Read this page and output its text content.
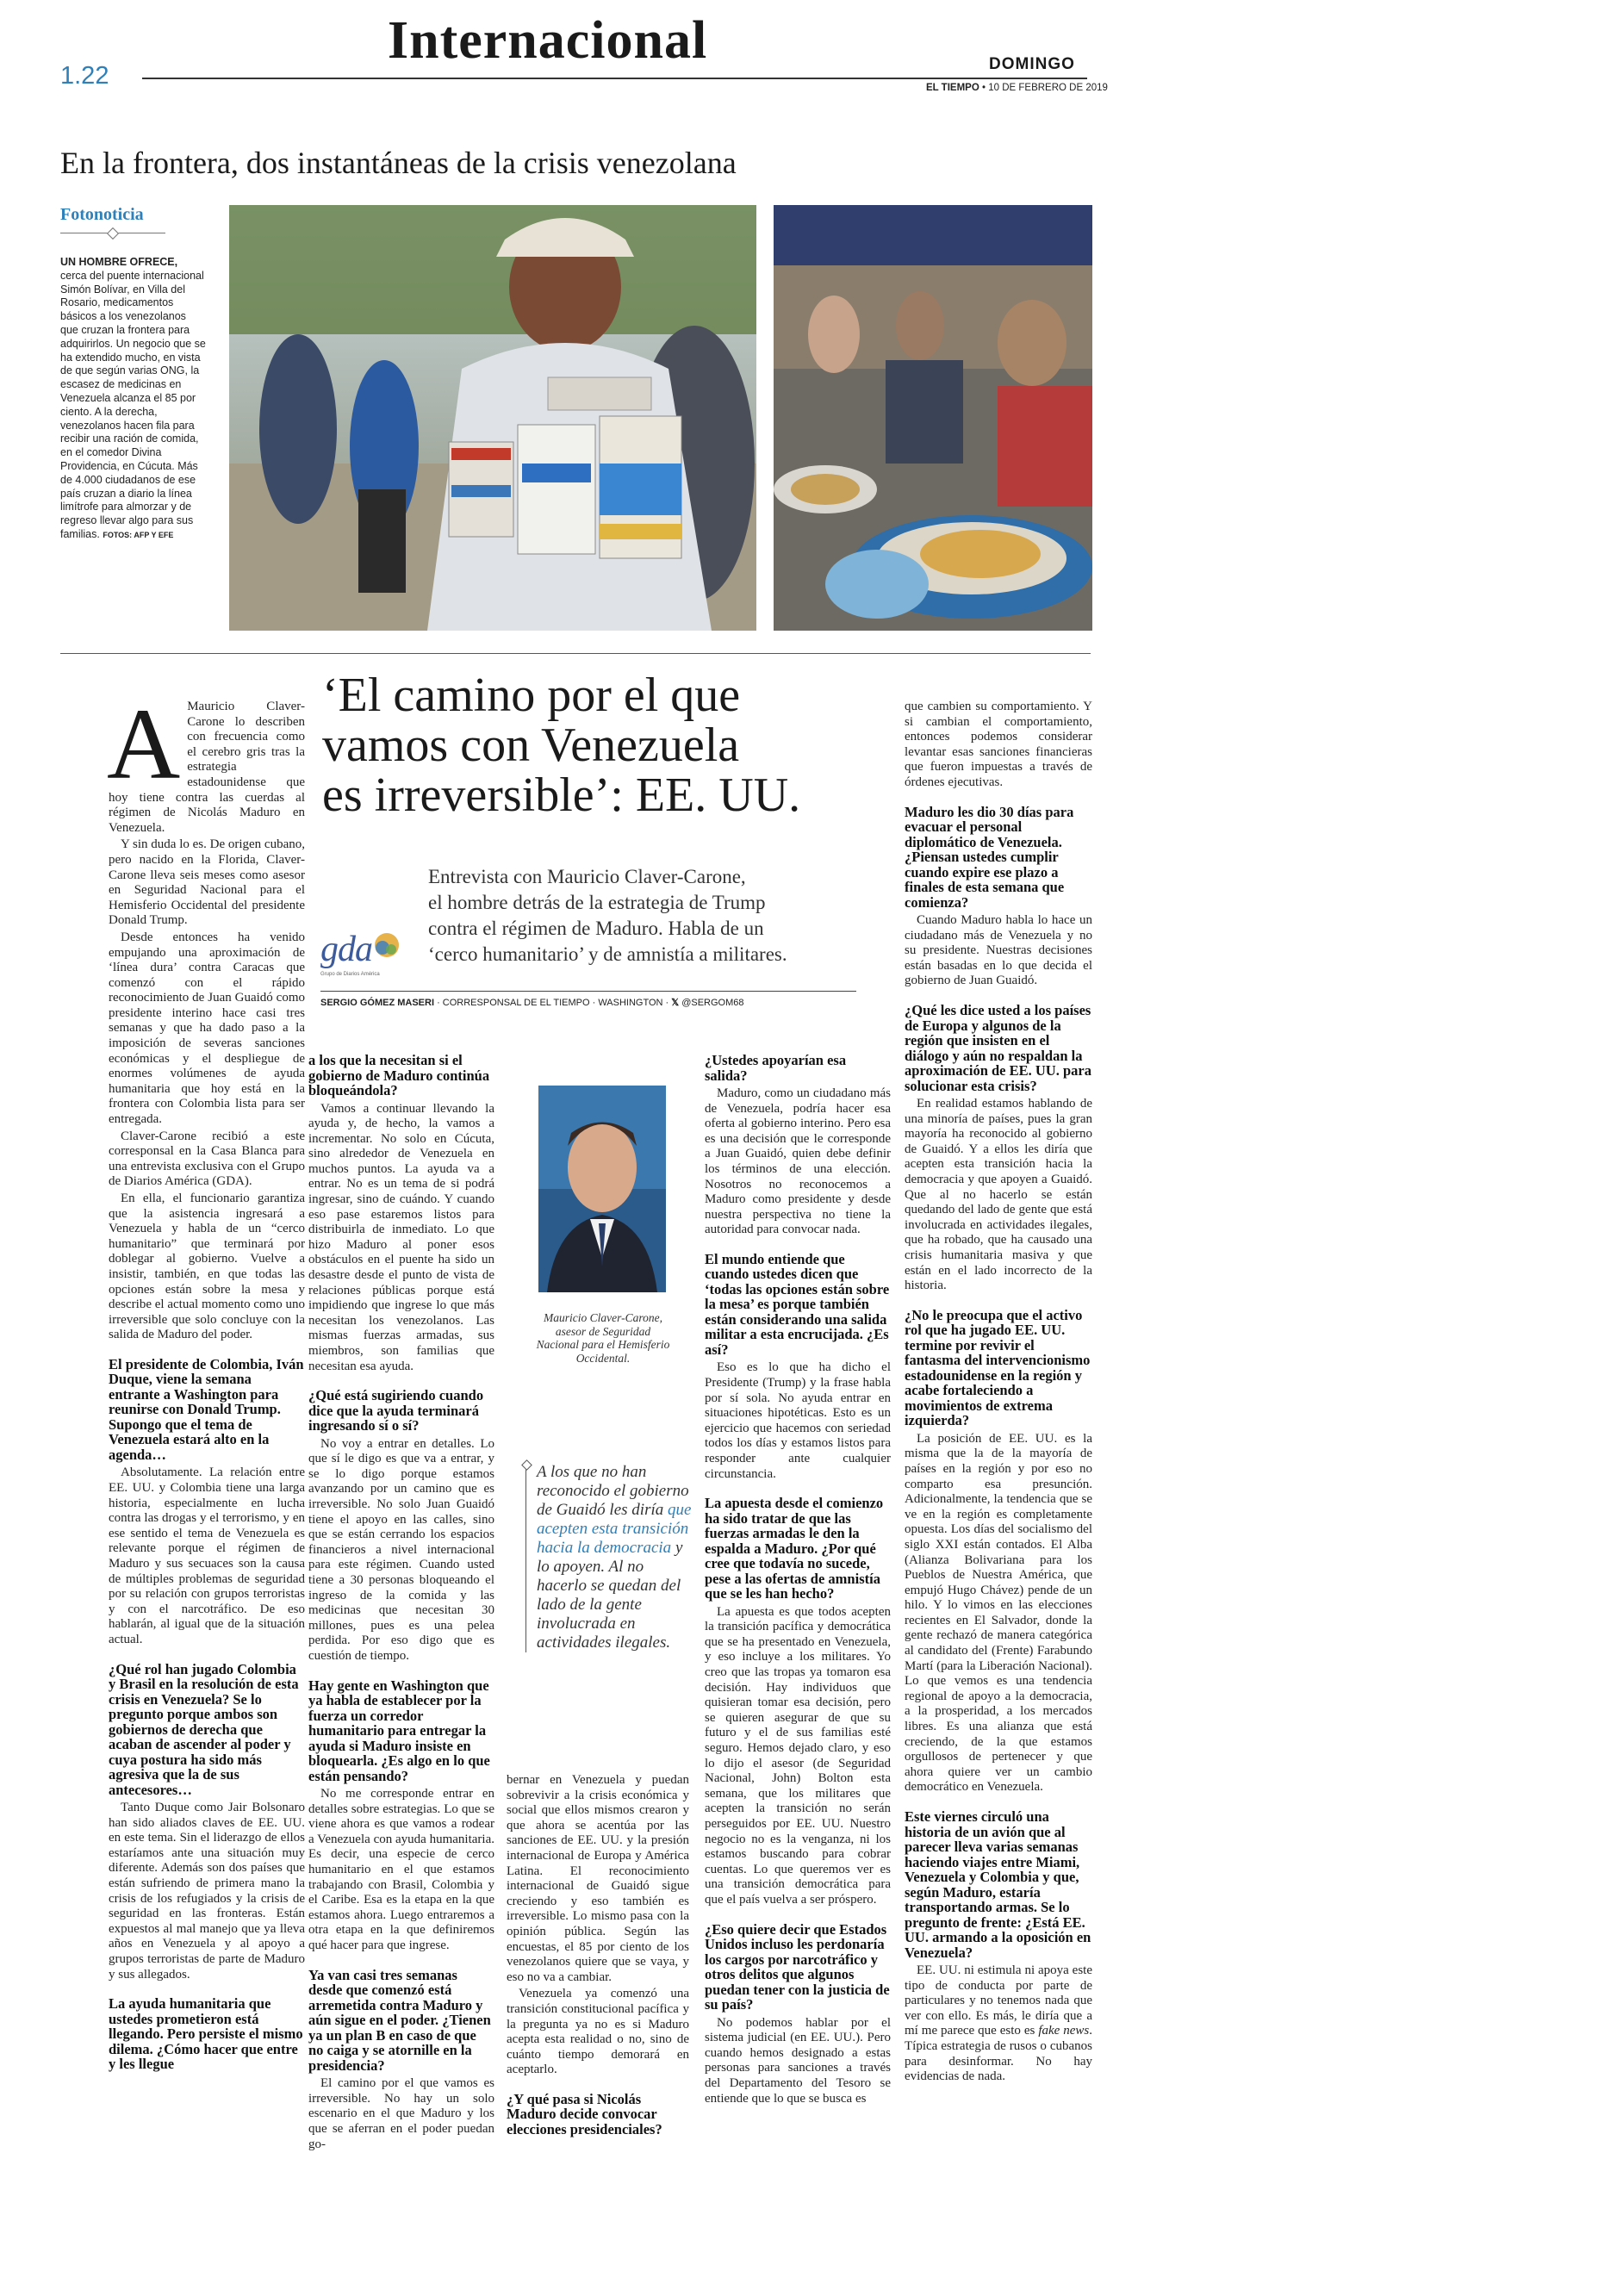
Internacional
1.22	DOMINGO
EL TIEMPO • 10 DE FEBRERO DE 2019
En la frontera, dos instantáneas de la crisis venezolana
Fotonoticia
UN HOMBRE OFRECE, cerca del puente internacional Simón Bolívar, en Villa del Rosario, medicamentos básicos a los venezolanos que cruzan la frontera para adquirirlos. Un negocio que se ha extendido mucho, en vista de que según varias ONG, la escasez de medicinas en Venezuela alcanza el 85 por ciento. A la derecha, venezolanos hacen fila para recibir una ración de comida, en el comedor Divina Providencia, en Cúcuta. Más de 4.000 ciudadanos de ese país cruzan a diario la línea limítrofe para almorzar y de regreso llevar algo para sus familias. FOTOS: AFP Y EFE
‘El camino por el que
vamos con Venezuela
es irreversible’: EE. UU.
Entrevista con Mauricio Claver-Carone,
el hombre detrás de la estrategia de Trump
contra el régimen de Maduro. Habla de un
‘cerco humanitario’ y de amnistía a militares.
gda
Grupo de Diarios América
SERGIO GÓMEZ MASERI · CORRESPONSAL DE EL TIEMPO · WASHINGTON · 𝕏 @SERGOM68
A Mauricio Claver-Carone lo describen con frecuencia como el cerebro gris tras la estrategia estadounidense que hoy tiene contra las cuerdas al régimen de Nicolás Maduro en Venezuela.

Y sin duda lo es. De origen cubano, pero nacido en la Florida, Claver-Carone lleva seis meses como asesor en Seguridad Nacional para el Hemisferio Occidental del presidente Donald Trump.

Desde entonces ha venido empujando una aproximación de ‘línea dura’ contra Caracas que comenzó con el rápido reconocimiento de Juan Guaidó como presidente interino hace casi tres semanas y que ha dado paso a la imposición de severas sanciones económicas y el despliegue de enormes volúmenes de ayuda humanitaria que hoy está en la frontera con Colombia lista para ser entregada.

Claver-Carone recibió a este corresponsal en la Casa Blanca para una entrevista exclusiva con el Grupo de Diarios América (GDA).

En ella, el funcionario garantiza que la asistencia ingresará a Venezuela y habla de un “cerco humanitario” que terminará por doblegar al gobierno. Vuelve a insistir, también, en que todas las opciones están sobre la mesa y describe el actual momento como uno irreversible que solo concluye con la salida de Maduro del poder.

El presidente de Colombia, Iván Duque, viene la semana entrante a Washington para reunirse con Donald Trump. Supongo que el tema de Venezuela estará alto en la agenda…

Absolutamente. La relación entre EE. UU. y Colombia tiene una larga historia, especialmente en lucha contra las drogas y el terrorismo, y en ese sentido el tema de Venezuela es relevante porque el régimen de Maduro y sus secuaces son la causa de múltiples problemas de seguridad por su relación con grupos terroristas y con el narcotráfico. De eso hablarán, al igual que de la situación actual.

¿Qué rol han jugado Colombia y Brasil en la resolución de esta crisis en Venezuela? Se lo pregunto porque ambos son gobiernos de derecha que acaban de ascender al poder y cuya postura ha sido más agresiva que la de sus antecesores…

Tanto Duque como Jair Bolsonaro han sido aliados claves de EE. UU. en este tema. Sin el liderazgo de ellos estaríamos ante una situación muy diferente. Además son dos países que están sufriendo de primera mano la crisis de los refugiados y la crisis de seguridad en las fronteras. Están expuestos al mal manejo que ya lleva años en Venezuela y al apoyo a grupos terroristas de parte de Maduro y sus allegados.

La ayuda humanitaria que ustedes prometieron está llegando. Pero persiste el mismo dilema. ¿Cómo hacer que entre y les llegue
a los que la necesitan si el gobierno de Maduro continúa bloqueándola?

Vamos a continuar llevando la ayuda y, de hecho, la vamos a incrementar. No solo en Cúcuta, sino alrededor de Venezuela en muchos puntos. La ayuda va a entrar. No es un tema de si podrá ingresar, sino de cuándo. Y cuando eso pase estaremos listos para distribuirla de inmediato. Lo que hizo Maduro al poner esos obstáculos en el puente ha sido un desastre desde el punto de vista de relaciones públicas porque está impidiendo que ingrese lo que más necesitan los venezolanos. Las mismas fuerzas armadas, sus miembros, son familias que necesitan esa ayuda.

¿Qué está sugiriendo cuando dice que la ayuda terminará ingresando sí o sí?

No voy a entrar en detalles. Lo que sí le digo es que va a entrar, y se lo digo porque estamos avanzando por un camino que es irreversible. No solo Juan Guaidó tiene el apoyo en las calles, sino que se están cerrando los espacios financieros a nivel internacional para este régimen. Cuando usted tiene a 30 personas bloqueando el ingreso de la comida y las medicinas que necesitan 30 millones, pues es una pelea perdida. Por eso digo que es cuestión de tiempo.

Hay gente en Washington que ya habla de establecer por la fuerza un corredor humanitario para entregar la ayuda si Maduro insiste en bloquearla. ¿Es algo en lo que están pensando?

No me corresponde entrar en detalles sobre estrategias. Lo que se viene ahora es que vamos a rodear a Venezuela con ayuda humanitaria. Es decir, una especie de cerco humanitario en el que estamos trabajando con Brasil, Colombia y el Caribe. Esa es la etapa en la que estamos ahora. Luego entraremos a otra etapa en la que definiremos qué hacer para que ingrese.

Ya van casi tres semanas desde que comenzó está arremetida contra Maduro y aún sigue en el poder. ¿Tienen ya un plan B en caso de que no caiga y se atornille en la presidencia?

El camino por el que vamos es irreversible. No hay un solo escenario en el que Maduro y los que se aferran en el poder puedan go-

Mauricio Claver-Carone, asesor de Seguridad Nacional para el Hemisferio Occidental.
A los que no han reconocido el gobierno de Guaidó les diría que acepten esta transición hacia la democracia y lo apoyen. Al no hacerlo se quedan del lado de la gente involucrada en actividades ilegales.

bernar en Venezuela y puedan sobrevivir a la crisis económica y social que ellos mismos crearon y que ahora se acentúa por las sanciones de EE. UU. y la presión internacional de Europa y América Latina. El reconocimiento internacional de Guaidó sigue creciendo y eso también es irreversible. Lo mismo pasa con la opinión pública. Según las encuestas, el 85 por ciento de los venezolanos quiere que se vaya, y eso no va a cambiar.

Venezuela ya comenzó una transición constitucional pacífica y la pregunta ya no es si Maduro acepta esta realidad o no, sino de cuánto tiempo demorará en aceptarlo.

¿Y qué pasa si Nicolás Maduro decide convocar elecciones presidenciales?
¿Ustedes apoyarían esa salida?

Maduro, como un ciudadano más de Venezuela, podría hacer esa oferta al gobierno interino. Pero esa es una decisión que le corresponde a Juan Guaidó, quien debe definir los términos de una elección. Nosotros no reconocemos a Maduro como presidente y desde nuestra perspectiva no tiene la autoridad para convocar nada.

El mundo entiende que cuando ustedes dicen que ‘todas las opciones están sobre la mesa’ es porque también están considerando una salida militar a esta encrucijada. ¿Es así?

Eso es lo que ha dicho el Presidente (Trump) y la frase habla por sí sola. No ayuda entrar en situaciones hipotéticas. Esto es un ejercicio que hacemos con seriedad todos los días y estamos listos para responder ante cualquier circunstancia.

La apuesta desde el comienzo ha sido tratar de que las fuerzas armadas le den la espalda a Maduro. ¿Por qué cree que todavía no sucede, pese a las ofertas de amnistía que se les han hecho?

La apuesta es que todos acepten la transición pacífica y democrática que se ha presentado en Venezuela, y eso incluye a los militares. Yo creo que las tropas ya tomaron esa decisión. Hay individuos que quisieran tomar esa decisión, pero se quieren asegurar de que su futuro y el de sus familias esté seguro. Hemos dejado claro, y eso lo dijo el asesor (de Seguridad Nacional, John) Bolton esta semana, que los militares que acepten la transición no serán perseguidos por EE. UU. Nuestro negocio no es la venganza, ni los estamos buscando para cobrar cuentas. Lo que queremos ver es una transición democrática para que el país vuelva a ser próspero.

¿Eso quiere decir que Estados Unidos incluso les perdonaría los cargos por narcotráfico y otros delitos que algunos puedan tener con la justicia de su país?

No podemos hablar por el sistema judicial (en EE. UU.). Pero cuando hemos designado a estas personas para sanciones a través del Departamento del Tesoro se entiende que lo que se busca es

que cambien su comportamiento. Y si cambian el comportamiento, entonces podemos considerar levantar esas sanciones financieras que fueron impuestas a través de órdenes ejecutivas.

Maduro les dio 30 días para evacuar el personal diplomático de Venezuela. ¿Piensan ustedes cumplir cuando expire ese plazo a finales de esta semana que comienza?

Cuando Maduro habla lo hace un ciudadano más de Venezuela y no su presidente. Nuestras decisiones están basadas en lo que decida el gobierno de Juan Guaidó.

¿Qué les dice usted a los países de Europa y algunos de la región que insisten en el diálogo y aún no respaldan la aproximación de EE. UU. para solucionar esta crisis?

En realidad estamos hablando de una minoría de países, pues la gran mayoría ha reconocido al gobierno de Guaidó. Y a ellos les diría que acepten esta transición hacia la democracia y que apoyen a Guaidó. Que al no hacerlo se están quedando del lado de gente que está involucrada en actividades ilegales, que ha robado, que ha causado una crisis humanitaria masiva y que están en el lado incorrecto de la historia.

¿No le preocupa que el activo rol que ha jugado EE. UU. termine por revivir el fantasma del intervencionismo estadounidense en la región y acabe fortaleciendo a movimientos de extrema izquierda?

La posición de EE. UU. es la misma que la de la mayoría de países en la región y por eso no comparto esa presunción. Adicionalmente, la tendencia que se ve en la región es completamente opuesta. Los días del socialismo del siglo XXI están contados. El Alba (Alianza Bolivariana para los Pueblos de Nuestra América, que empujó Hugo Chávez) pende de un hilo. Y lo vimos en las elecciones recientes en El Salvador, donde la gente rechazó de manera categórica al candidato del (Frente) Farabundo Martí (para la Liberación Nacional). Lo que vemos es una tendencia regional de apoyo a la democracia, a la prosperidad, a los mercados libres. Es una alianza que está creciendo, de la que estamos orgullosos de pertenecer y que ahora quiere ver un cambio democrático en Venezuela.

Este viernes circuló una historia de un avión que al parecer lleva varias semanas haciendo viajes entre Miami, Venezuela y Colombia y que, según Maduro, estaría transportando armas. Se lo pregunto de frente: ¿Está EE. UU. armando a la oposición en Venezuela?

EE. UU. ni estimula ni apoya este tipo de conducta por parte de particulares y no tenemos nada que ver con ello. Es más, le diría que a mí me parece que esto es fake news. Típica estrategia de rusos o cubanos para desinformar. No hay evidencias de nada.
